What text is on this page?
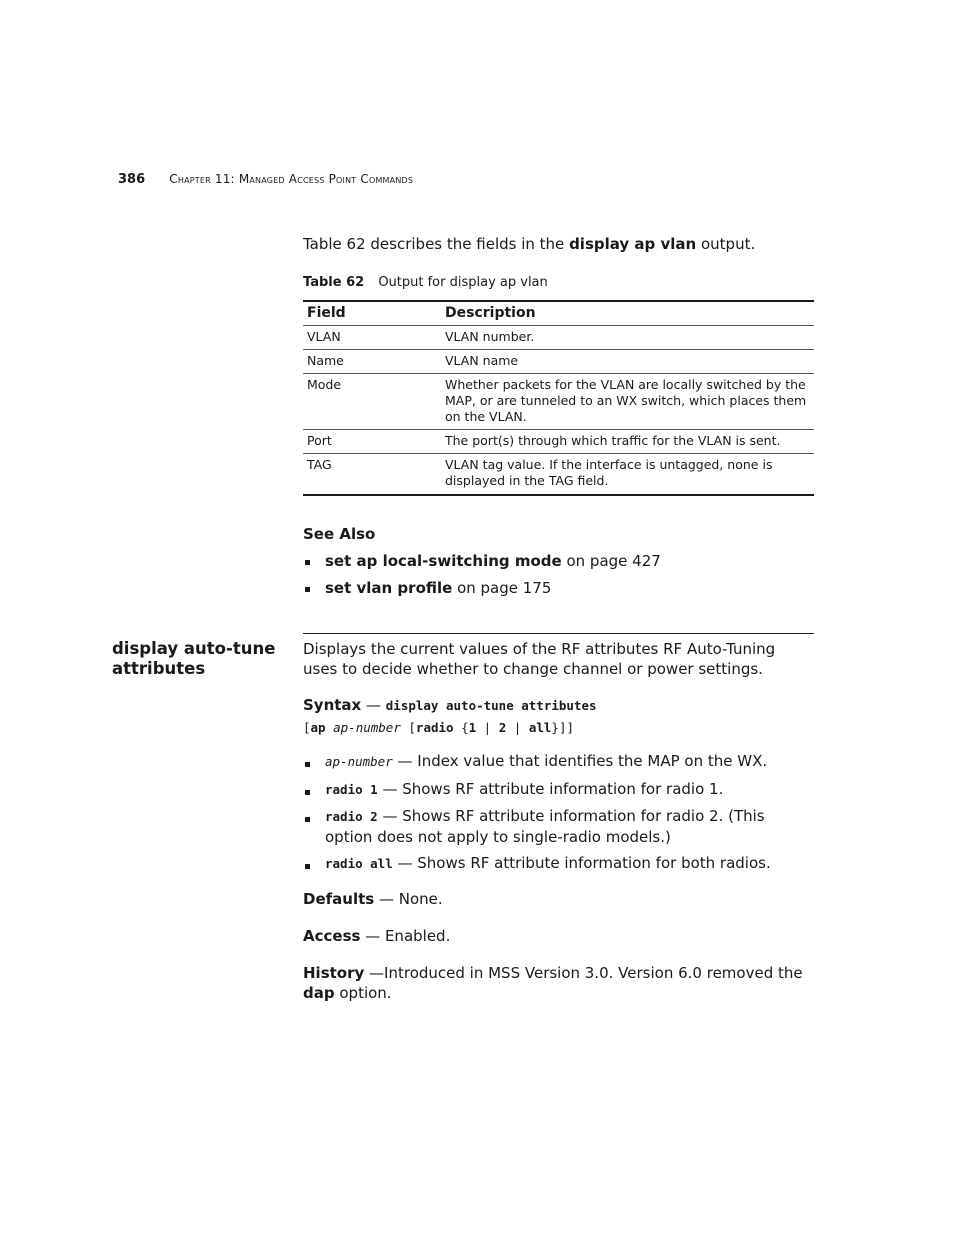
386 Chapter 11: Managed Access Point Commands
Table 62 describes the fields in the display ap vlan output.
Table 62 Output for display ap vlan
Field	Description
VLAN	VLAN number.
Name	VLAN name
Mode	Whether packets for the VLAN are locally switched by the MAP, or are tunneled to an WX switch, which places them on the VLAN.
Port	The port(s) through which traffic for the VLAN is sent.
TAG	VLAN tag value. If the interface is untagged, none is displayed in the TAG field.
See Also
set ap local-switching mode on page 427
set vlan profile on page 175
display auto-tune attributes
Displays the current values of the RF attributes RF Auto-Tuning uses to decide whether to change channel or power settings.
Syntax — display auto-tune attributes
[ap ap-number [radio {1 | 2 | all}]]
ap-number — Index value that identifies the MAP on the WX.
radio 1 — Shows RF attribute information for radio 1.
radio 2 — Shows RF attribute information for radio 2. (This option does not apply to single-radio models.)
radio all — Shows RF attribute information for both radios.
Defaults — None.
Access — Enabled.
History —Introduced in MSS Version 3.0. Version 6.0 removed the dap option.
